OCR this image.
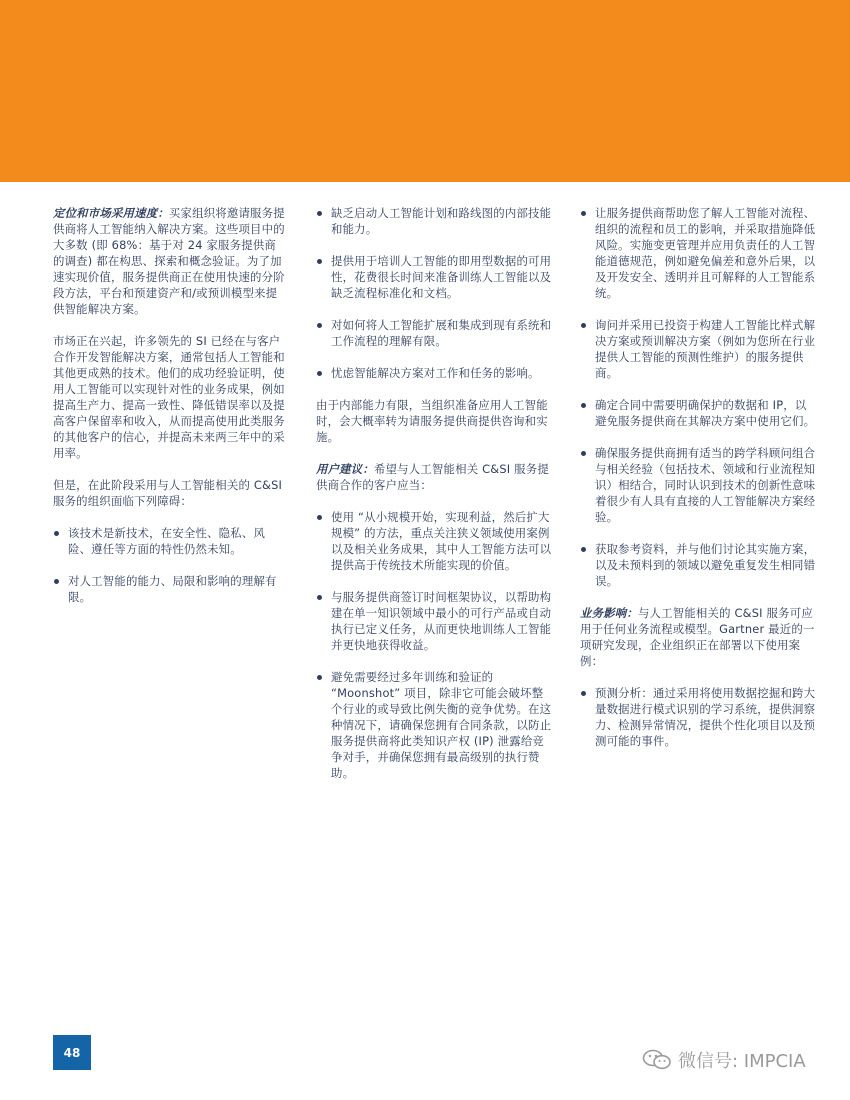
定位和市场采用速度：买家组织将邀请服务提供商将人工智能纳入解决方案。这些项目中的大多数 (即 68%：基于对 24 家服务提供商的调查) 都在构思、探索和概念验证。为了加速实现价值，服务提供商正在使用快速的分阶段方法，平台和预建资产和/或预训模型来提供智能解决方案。

市场正在兴起，许多领先的 SI 已经在与客户合作开发智能解决方案，通常包括人工智能和其他更成熟的技术。他们的成功经验证明，使用人工智能可以实现针对性的业务成果，例如提高生产力、提高一致性、降低错误率以及提高客户保留率和收入，从而提高使用此类服务的其他客户的信心，并提高未来两三年中的采用率。

但是，在此阶段采用与人工智能相关的 C&SI 服务的组织面临下列障碍：

该技术是新技术，在安全性、隐私、风险、遵任等方面的特性仍然未知。
对人工智能的能力、局限和影响的理解有限。
缺乏启动人工智能计划和路线图的内部技能和能力。
提供用于培训人工智能的即用型数据的可用性，花费很长时间来准备训练人工智能以及缺乏流程标准化和文档。
对如何将人工智能扩展和集成到现有系统和工作流程的理解有限。
忧虑智能解决方案对工作和任务的影响。

由于内部能力有限，当组织准备应用人工智能时，会大概率转为请服务提供商提供咨询和实施。

用户建议：希望与人工智能相关 C&SI 服务提供商合作的客户应当：

使用 “从小规模开始，实现利益，然后扩大规模” 的方法，重点关注狭义领域使用案例以及相关业务成果，其中人工智能方法可以提供高于传统技术所能实现的价值。
与服务提供商签订时间框架协议，以帮助构建在单一知识领域中最小的可行产品或自动执行已定义任务，从而更快地训练人工智能并更快地获得收益。
避免需要经过多年训练和验证的 “Moonshot” 项目，除非它可能会破坏整个行业的或导致比例失衡的竞争优势。在这种情况下，请确保您拥有合同条款，以防止服务提供商将此类知识产权 (IP) 泄露给竞争对手，并确保您拥有最高级别的执行赞助。
让服务提供商帮助您了解人工智能对流程、组织的流程和员工的影响，并采取措施降低风险。实施变更管理并应用负责任的人工智能道德规范，例如避免偏差和意外后果，以及开发安全、透明并且可解释的人工智能系统。
询问并采用已投资于构建人工智能比样式解决方案或预训解决方案（例如为您所在行业提供人工智能的预测性维护）的服务提供商。
确定合同中需要明确保护的数据和 IP，以避免服务提供商在其解决方案中使用它们。
确保服务提供商拥有适当的跨学科顾问组合与相关经验（包括技术、领域和行业流程知识）相结合，同时认识到技术的创新性意味着很少有人具有直接的人工智能解决方案经验。
获取参考资料，并与他们讨论其实施方案，以及未预料到的领域以避免重复发生相同错误。

业务影响：与人工智能相关的 C&SI 服务可应用于任何业务流程或模型。Gartner 最近的一项研究发现，企业组织正在部署以下使用案例：

预测分析：通过采用将使用数据挖掘和跨大量数据进行模式识别的学习系统，提供洞察力、检测异常情况，提供个性化项目以及预测可能的事件。
48	微信号: IMPCIA
